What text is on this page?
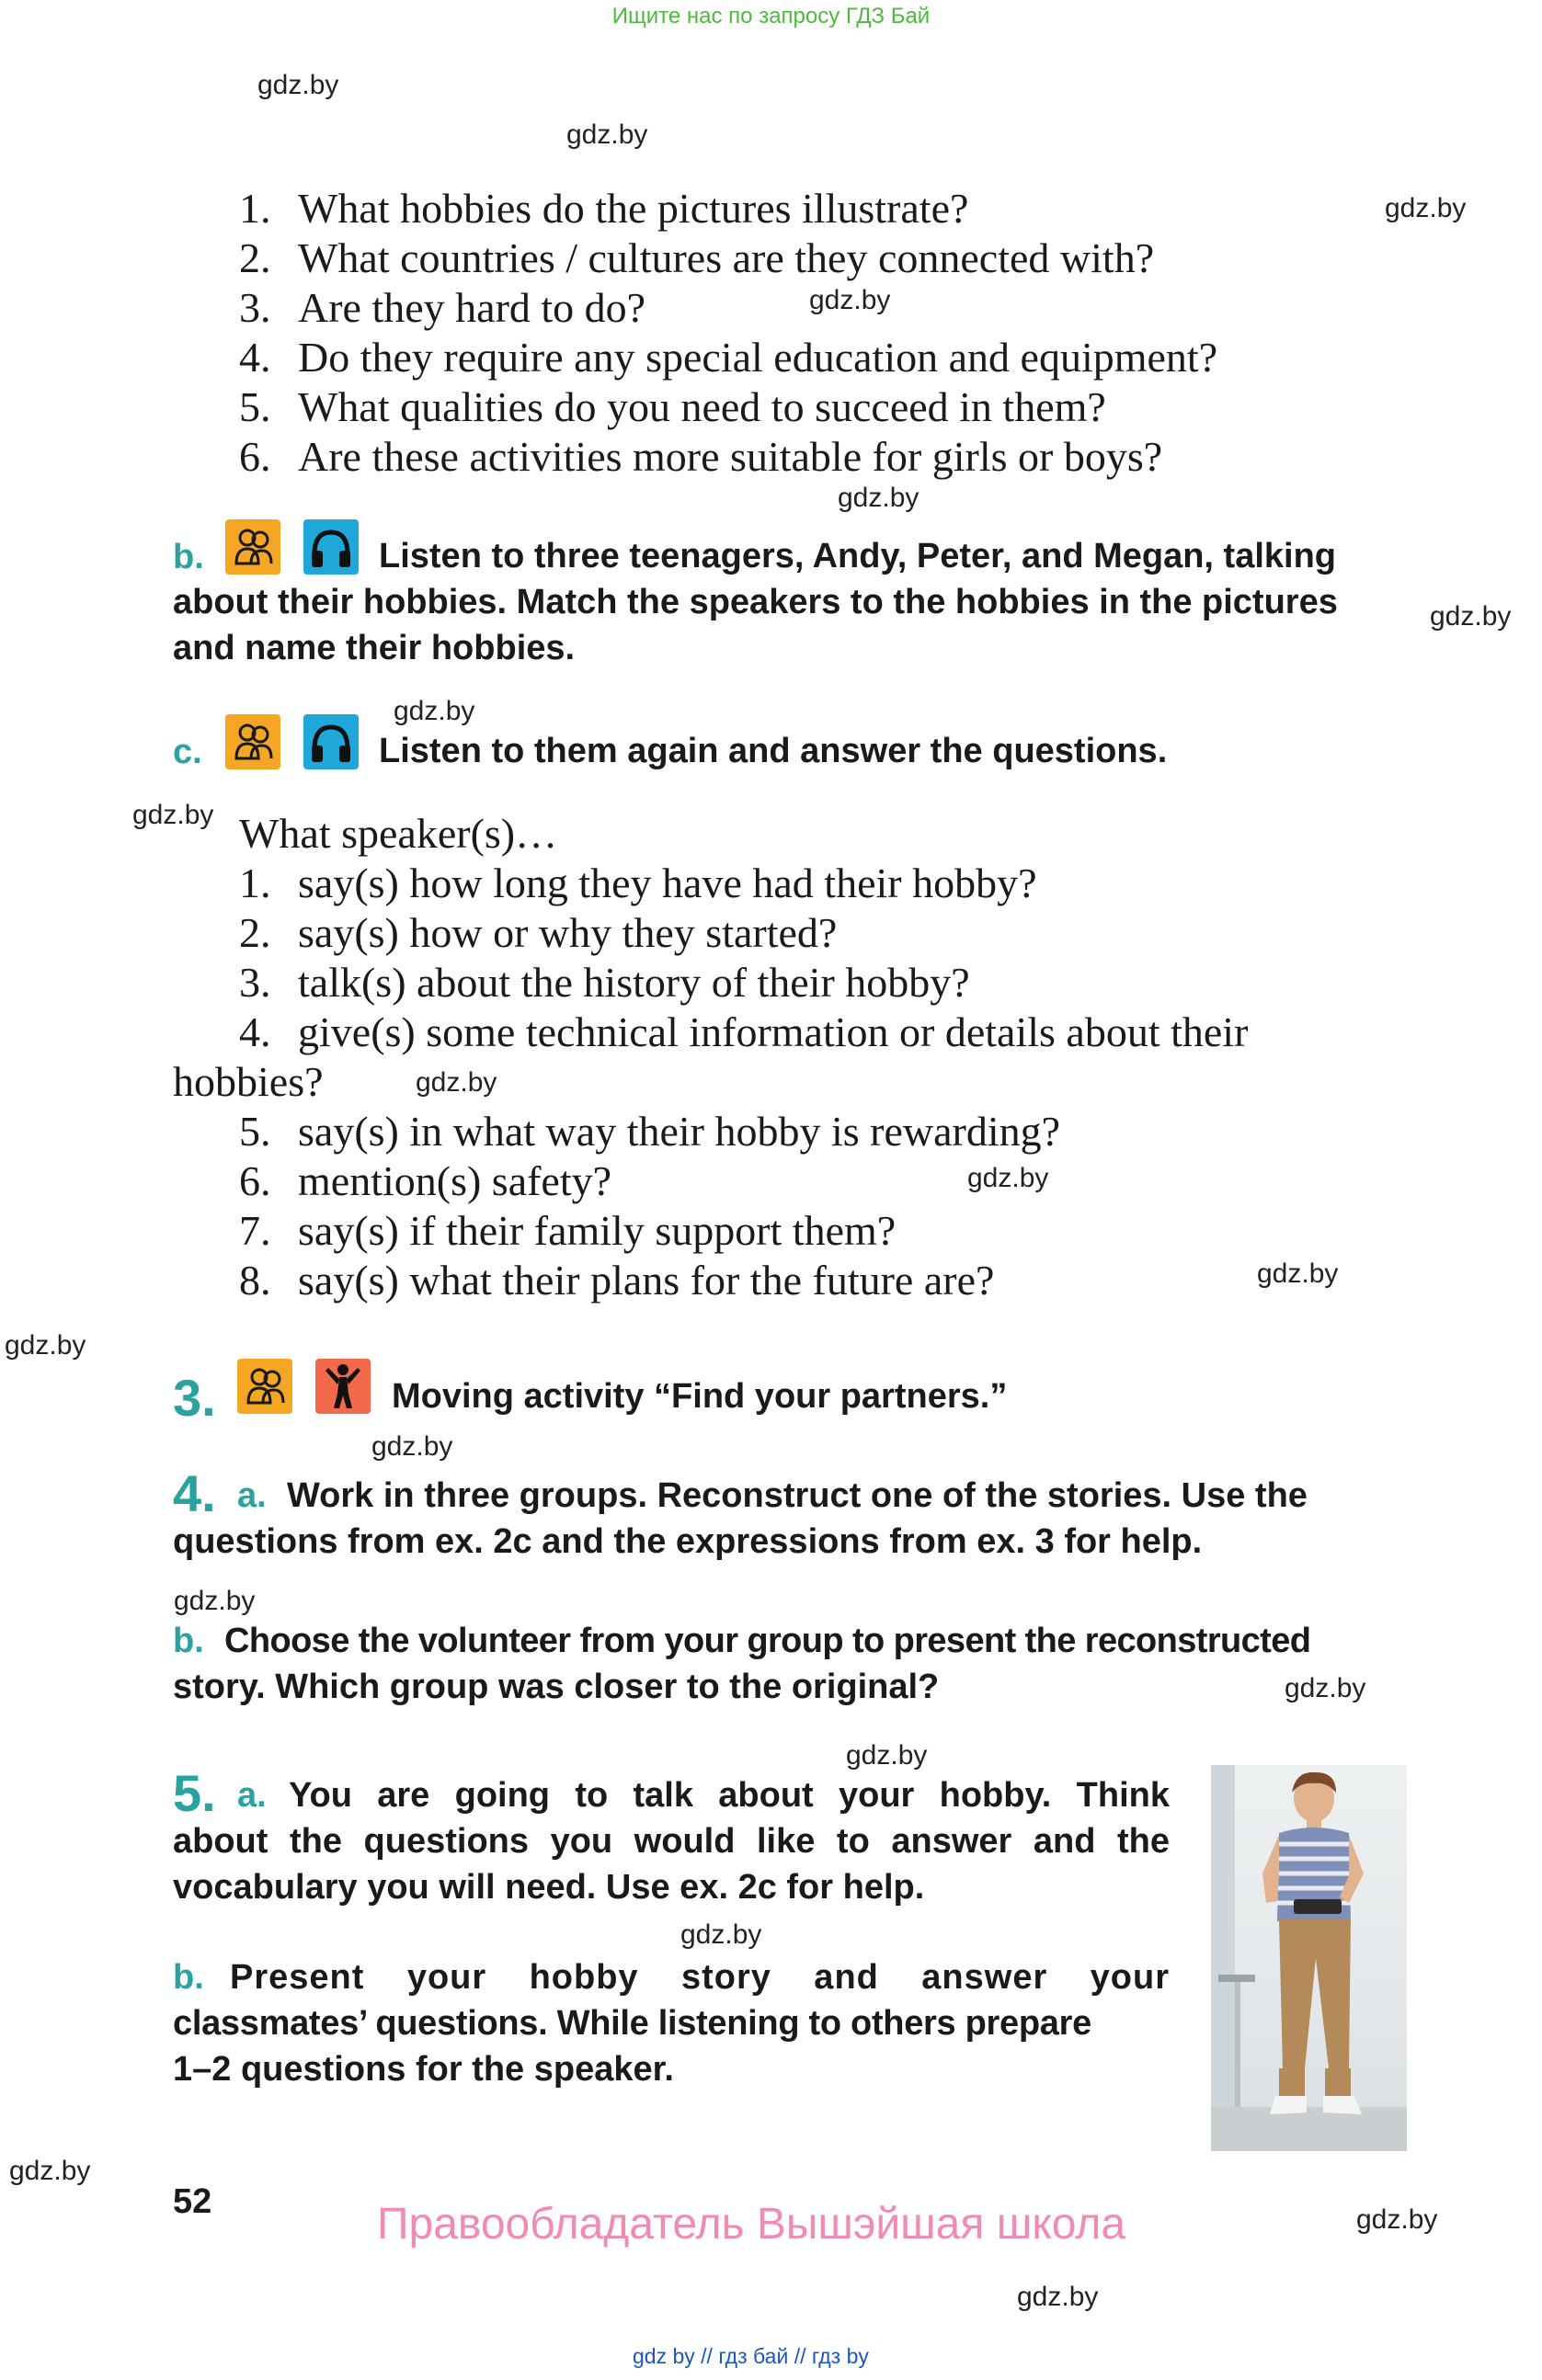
Ищите нас по запросу ГДЗ Бай
gdz.by
gdz.by
gdz.by
gdz.by
gdz.by
gdz.by
gdz.by
gdz.by
gdz.by
gdz.by
gdz.by
gdz.by
gdz.by
gdz.by
gdz.by
gdz.by
gdz.by
gdz.by
gdz.by
gdz.by
1. What hobbies do the pictures illustrate?
2. What countries / cultures are they connected with?
3. Are they hard to do?
4. Do they require any special education and equipment?
5. What qualities do you need to succeed in them?
6. Are these activities more suitable for girls or boys?
b.	Listen to three teenagers, Andy, Peter, and Megan, talking
about their hobbies. Match the speakers to the hobbies in the pictures
and name their hobbies.
c.	Listen to them again and answer the questions.
What speaker(s)…
1. say(s) how long they have had their hobby?
2. say(s) how or why they started?
3. talk(s) about the history of their hobby?
4. give(s) some technical information or details about their
hobbies?
5. say(s) in what way their hobby is rewarding?
6. mention(s) safety?
7. say(s) if their family support them?
8. say(s) what their plans for the future are?
3.	Moving activity “Find your partners.”
4. a. Work in three groups. Reconstruct one of the stories. Use the
questions from ex. 2c and the expressions from ex. 3 for help.
b. Choose the volunteer from your group to present the reconstructed
story. Which group was closer to the original?
5. a. You are going to talk about your hobby. Think
about the questions you would like to answer and the
vocabulary you will need. Use ex. 2c for help.
b. Present your hobby story and answer your
classmates’ questions. While listening to others prepare
1–2 questions for the speaker.
52	Правообладатель Вышэйшая школа
gdz by // гдз бай // гдз by
